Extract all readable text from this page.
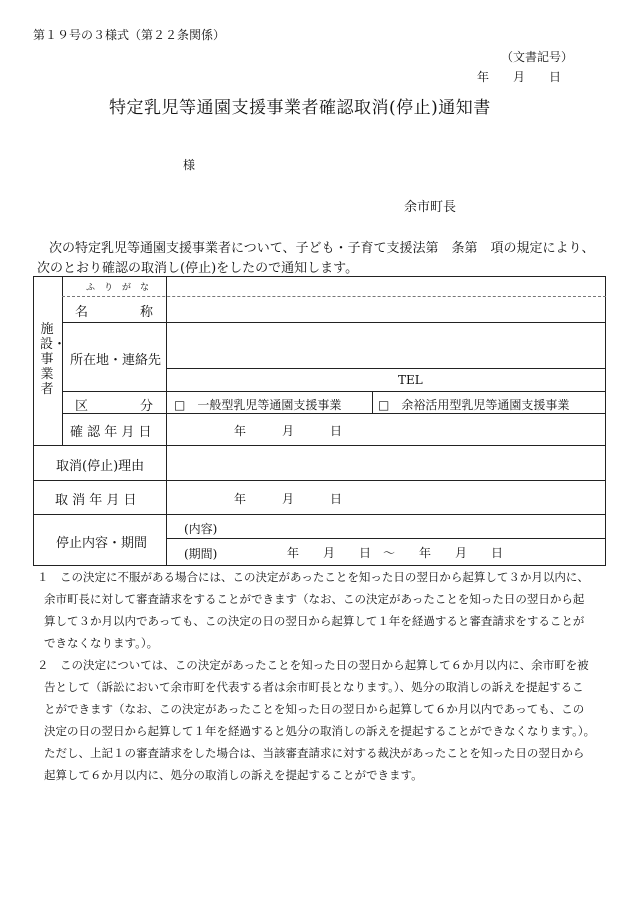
第１９号の３様式（第２２条関係）
（文書記号）
年　　月　　日
特定乳児等通園支援事業者確認取消(停止)通知書
様
余市町長
次の特定乳児等通園支援事業者について、子ども・子育て支援法第　条第　項の規定により、
次のとおり確認の取消し(停止)をしたので通知します。
施設・事業者
ふ　り　が　な
名　　　　称
所在地・連絡先
TEL
区　　　　分 □　一般型乳児等通園支援事業	□　余裕活用型乳児等通園支援事業
確 認 年 月 日	年　　　月　　　日
取消(停止)理由
取 消 年 月 日	年　　　月　　　日
停止内容・期間
(内容)
(期間)	年　　月　　日　～　　年　　月　　日
１　この決定に不服がある場合には、この決定があったことを知った日の翌日から起算して３か月以内に、
余市町長に対して審査請求をすることができます（なお、この決定があったことを知った日の翌日から起
算して３か月以内であっても、この決定の日の翌日から起算して１年を経過すると審査請求をすることが
できなくなります。）。
２　この決定については、この決定があったことを知った日の翌日から起算して６か月以内に、余市町を被
告として（訴訟において余市町を代表する者は余市町長となります。）、処分の取消しの訴えを提起するこ
とができます（なお、この決定があったことを知った日の翌日から起算して６か月以内であっても、この
決定の日の翌日から起算して１年を経過すると処分の取消しの訴えを提起することができなくなります。）。
ただし、上記１の審査請求をした場合は、当該審査請求に対する裁決があったことを知った日の翌日から
起算して６か月以内に、処分の取消しの訴えを提起することができます。
